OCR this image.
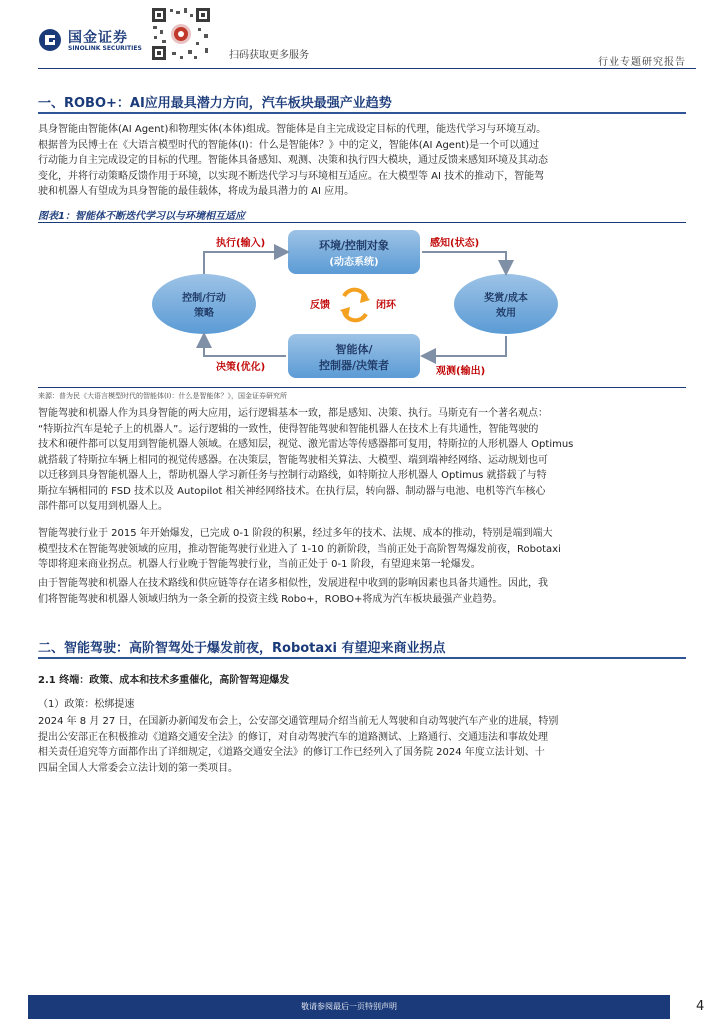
国金证券
SINOLINK SECURITIES
扫码获取更多服务
行业专题研究报告
一、ROBO+：AI应用最具潜力方向，汽车板块最强产业趋势
具身智能由智能体(AI Agent)和物理实体(本体)组成。智能体是自主完成设定目标的代理，能迭代学习与环境互动。
根据普为民博士在《大语言模型时代的智能体(I)：什么是智能体？》中的定义，智能体(AI Agent)是一个可以通过
行动能力自主完成设定的目标的代理。智能体具备感知、观测、决策和执行四大模块，通过反馈来感知环境及其动态
变化，并将行动策略反馈作用于环境，以实现不断迭代学习与环境相互适应。在大模型等 AI 技术的推动下，智能驾
驶和机器人有望成为具身智能的最佳载体，将成为最具潜力的 AI 应用。
图表1：智能体不断迭代学习以与环境相互适应
环境/控制对象
(动态系统)
智能体/
控制器/决策者
控制/行动
策略
奖赏/成本
效用
执行(输入)	感知(状态)
决策(优化)	观测(输出)
反馈	闭环
来源：普为民《大语言模型时代的智能体(I)：什么是智能体？》，国金证券研究所
智能驾驶和机器人作为具身智能的两大应用，运行逻辑基本一致，都是感知、决策、执行。马斯克有一个著名观点：
“特斯拉汽车是轮子上的机器人”。运行逻辑的一致性，使得智能驾驶和智能机器人在技术上有共通性，智能驾驶的
技术和硬件都可以复用到智能机器人领域。在感知层，视觉、激光雷达等传感器都可复用，特斯拉的人形机器人 Optimus
就搭载了特斯拉车辆上相同的视觉传感器。在决策层，智能驾驶相关算法、大模型、端到端神经网络、运动规划也可
以迁移到具身智能机器人上，帮助机器人学习新任务与控制行动路线，如特斯拉人形机器人 Optimus 就搭载了与特
斯拉车辆相同的 FSD 技术以及 Autopilot 相关神经网络技术。在执行层，转向器、制动器与电池、电机等汽车核心
部件都可以复用到机器人上。
智能驾驶行业于 2015 年开始爆发，已完成 0-1 阶段的积累，经过多年的技术、法规、成本的推动，特别是端到端大
模型技术在智能驾驶领域的应用，推动智能驾驶行业进入了 1-10 的新阶段，当前正处于高阶智驾爆发前夜，Robotaxi
等即将迎来商业拐点。机器人行业晚于智能驾驶行业，当前正处于 0-1 阶段，有望迎来第一轮爆发。
由于智能驾驶和机器人在技术路线和供应链等存在诸多相似性，发展进程中收到的影响因素也具备共通性。因此，我
们将智能驾驶和机器人领域归纳为一条全新的投资主线 Robo+，ROBO+将成为汽车板块最强产业趋势。
二、智能驾驶：高阶智驾处于爆发前夜，Robotaxi 有望迎来商业拐点
2.1 终端：政策、成本和技术多重催化，高阶智驾迎爆发
（1）政策：松绑提速
2024 年 8 月 27 日，在国新办新闻发布会上，公安部交通管理局介绍当前无人驾驶和自动驾驶汽车产业的进展，特别
提出公安部正在积极推动《道路交通安全法》的修订，对自动驾驶汽车的道路测试、上路通行、交通违法和事故处理
相关责任追究等方面都作出了详细规定，《道路交通安全法》的修订工作已经列入了国务院 2024 年度立法计划、十
四届全国人大常委会立法计划的第一类项目。
敬请参阅最后一页特别声明	4
